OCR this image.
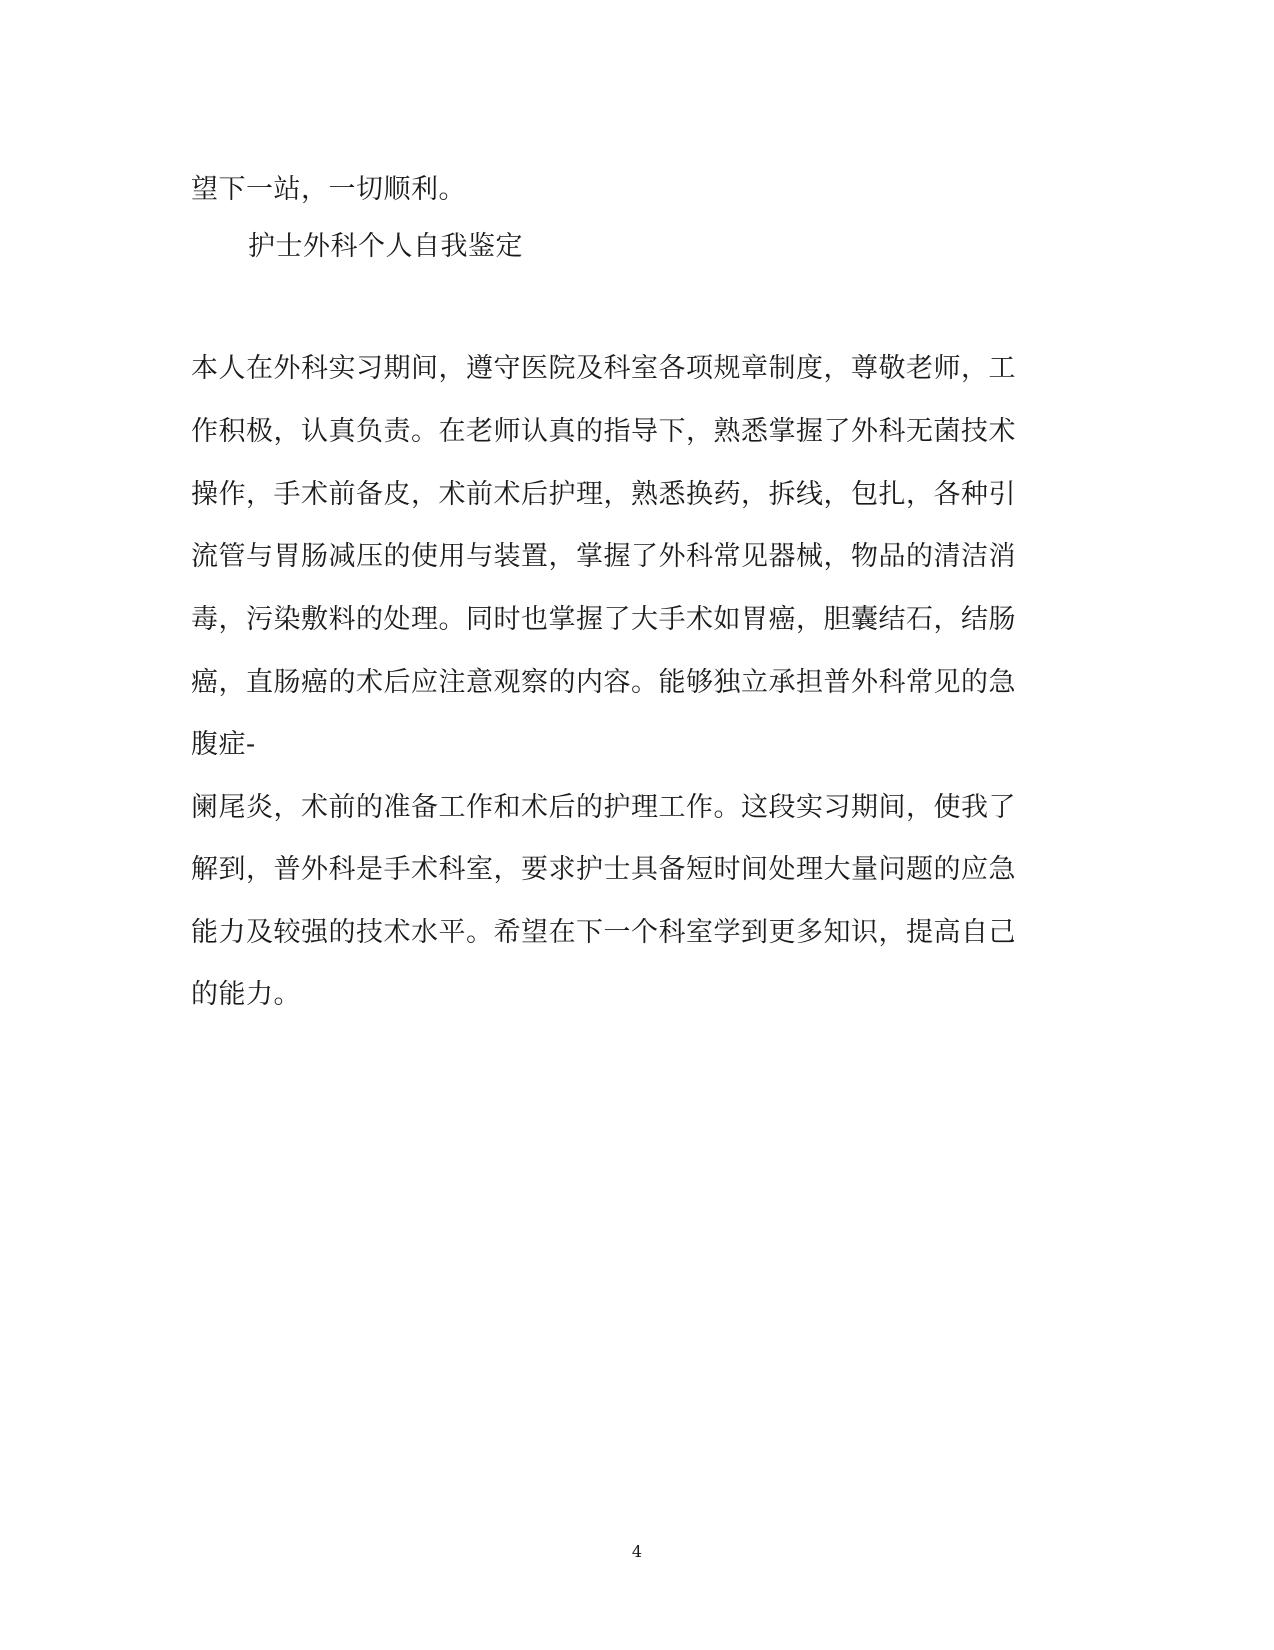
望下一站，一切顺利。
护士外科个人自我鉴定
本人在外科实习期间，遵守医院及科室各项规章制度，尊敬老师，工
作积极，认真负责。在老师认真的指导下，熟悉掌握了外科无菌技术
操作，手术前备皮，术前术后护理，熟悉换药，拆线，包扎，各种引
流管与胃肠减压的使用与装置，掌握了外科常见器械，物品的清洁消
毒，污染敷料的处理。同时也掌握了大手术如胃癌，胆囊结石，结肠
癌，直肠癌的术后应注意观察的内容。能够独立承担普外科常见的急
腹症-
阑尾炎，术前的准备工作和术后的护理工作。这段实习期间，使我了
解到，普外科是手术科室，要求护士具备短时间处理大量问题的应急
能力及较强的技术水平。希望在下一个科室学到更多知识，提高自己
的能力。
4
